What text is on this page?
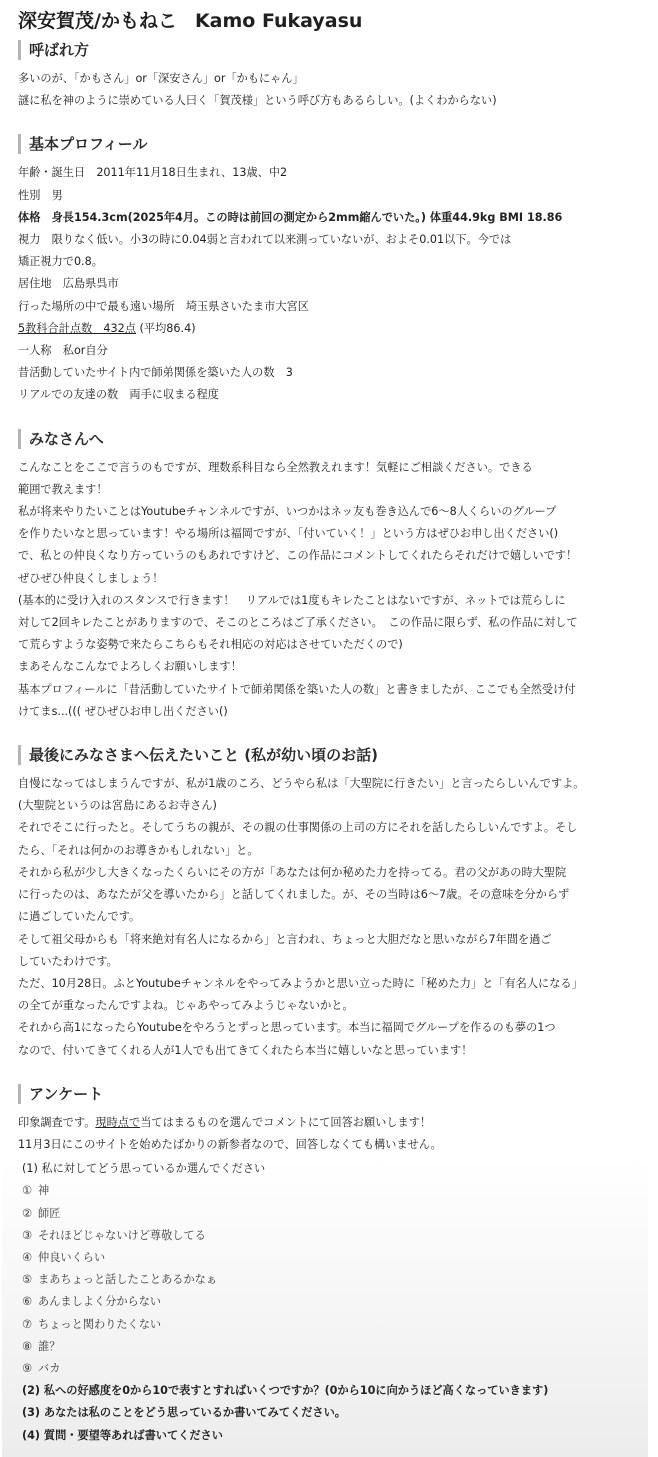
深安賀茂/かもねこ Kamo Fukayasu
呼ばれ方
多いのが、「かもさん」or「深安さん」or「かもにゃん」
謎に私を神のように崇めている人曰く「賀茂様」という呼び方もあるらしい。(よくわからない)
基本プロフィール
年齢・誕生日　2011年11月18日生まれ、13歳、中2
性別　男
体格　身長154.3cm(2025年4月。この時は前回の測定から2mm縮んでいた。) 体重44.9kg BMI 18.86
視力　限りなく低い。小3の時に0.04弱と言われて以来測っていないが、およそ0.01以下。今では
矯正視力で0.8。
居住地　広島県呉市
行った場所の中で最も遠い場所　埼玉県さいたま市大宮区
5教科合計点数　432点 (平均86.4)
一人称　私or自分
昔活動していたサイト内で師弟関係を築いた人の数　3
リアルでの友達の数　両手に収まる程度
みなさんへ
こんなことをここで言うのもですが、理数系科目なら全然教えれます！気軽にご相談ください。できる
範囲で教えます！
私が将来やりたいことはYoutubeチャンネルですが、いつかはネッ友も巻き込んで6～8人くらいのグループ
を作りたいなと思っています！やる場所は福岡ですが、「付いていく！」という方はぜひお申し出ください()
で、私との仲良くなり方っていうのもあれですけど、この作品にコメントしてくれたらそれだけで嬉しいです！
ぜひぜひ仲良くしましょう！
(基本的に受け入れのスタンスで行きます！　リアルでは1度もキレたことはないですが、ネットでは荒らしに
対して2回キレたことがありますので、そこのところはご了承ください。　この作品に限らず、私の作品に対して
て荒らすような姿勢で来たらこちらもそれ相応の対応はさせていただくので)
まあそんなこんなでよろしくお願いします！
基本プロフィールに「昔活動していたサイトで師弟関係を築いた人の数」と書きましたが、ここでも全然受け付
けてまs...((( ぜひぜひお申し出ください()
最後にみなさまへ伝えたいこと (私が幼い頃のお話)
自慢になってはしまうんですが、私が1歳のころ、どうやら私は「大聖院に行きたい」と言ったらしいんですよ。
(大聖院というのは宮島にあるお寺さん)
それでそこに行ったと。そしてうちの親が、その親の仕事関係の上司の方にそれを話したらしいんですよ。そし
たら、「それは何かのお導きかもしれない」と。
それから私が少し大きくなったくらいにその方が「あなたは何か秘めた力を持ってる。君の父があの時大聖院
に行ったのは、あなたが父を導いたから」と話してくれました。が、その当時は6～7歳。その意味を分からず
に過ごしていたんです。
そして祖父母からも「将来絶対有名人になるから」と言われ、ちょっと大胆だなと思いながら7年間を過ご
していたわけです。
ただ、10月28日。ふとYoutubeチャンネルをやってみようかと思い立った時に「秘めた力」と「有名人になる」
の全てが重なったんですよね。じゃあやってみようじゃないかと。
それから高1になったらYoutubeをやろうとずっと思っています。本当に福岡でグループを作るのも夢の1つ
なので、付いてきてくれる人が1人でも出てきてくれたら本当に嬉しいなと思っています！
アンケート
印象調査です。現時点で当てはまるものを選んでコメントにて回答お願いします！
11月3日にこのサイトを始めたばかりの新参者なので、回答しなくても構いません。
(1) 私に対してどう思っているか選んでください
① 神
② 師匠
③ それほどじゃないけど尊敬してる
④ 仲良いくらい
⑤ まあちょっと話したことあるかなぁ
⑥ あんましよく分からない
⑦ ちょっと関わりたくない
⑧ 誰？
⑨ バカ
(2) 私への好感度を0から10で表すとすればいくつですか？(0から10に向かうほど高くなっていきます)
(3) あなたは私のことをどう思っているか書いてみてください。
(4) 質問・要望等あれば書いてください
